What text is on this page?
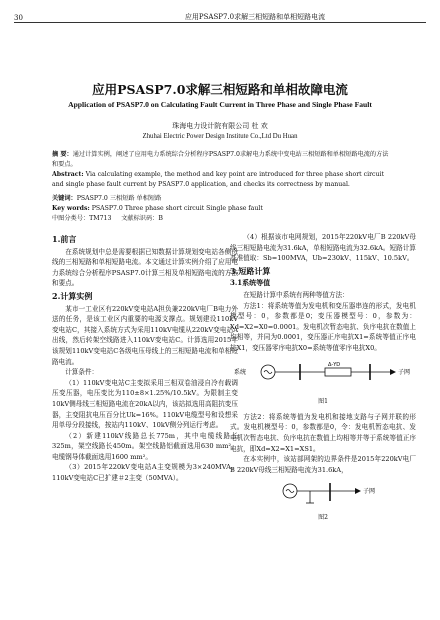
30	应用PSASP7.0求解三相短路和单相短路电流
应用PSASP7.0求解三相短路和单相故障电流
Application of PSASP7.0 on Calculating Fault Current in Three Phase and Single Phase Fault
珠海电力设计院有限公司 杜 欢
Zhuhai Electric Power Design Institute Co.,Ltd Du Huan
摘 要：通过计算实例，阐述了应用电力系统综合分析程序PSASP7.0求解电力系统中变电站三相短路和单相短路电流的方法和要点。
Abstract: Via calculating example, the method and key point are introduced for three phase short circuit and single phase fault current by PSASP7.0 application, and checks its correctness by manual.
关键词：PSASP7.0 三相短路 单相短路
Key words: PSASP7.0 Three phase short circuit Single phase fault
中图分类号：TM713 文献标识码：B
1.前言

在系统规划中总是需要根据已知数据计算规划变电站各侧母线的三相短路和单相短路电流。本文通过计算实例介绍了应用电力系统综合分析程序PSASP7.0计算三相及单相短路电流的方法和要点。

2.计算实例

某市一工业区有220kV变电站A担负兼220kV电厂B电力外送的任务，是该工业区内重要的电源支撑点。规划建设110kV变电站C，其接入系统方式为采用110kV电缆从220kV变电站A出线，然后转架空线路进入110kV变电站C。计算选用2015年该规划110kV变电站C各级电压母线上的三相短路电流和单相短路电流。

计算条件：

（1）110kV变电站C主变拟采用三相双卷油浸自冷有载调压变压器，电压变比为110±8×1.25%/10.5kV。为限制主变10kV侧母线三相短路电流在20kA以内，该站拟选用高阻抗变压器，主变阻抗电压百分比Uk=16%。110kV电缆型号和设想采用单母分段接线，按站内110kV、10kV侧分列运行考虑。

（2）新建110kV线路总长775m，其中电缆线路长325m，架空线路长450m。架空线路铝截面选用630 mm²，电缆钢导体截面选用1600 mm²。

（3）2015年220kV变电站A主变规模为3×240MVA，110kV变电站C已扩建＃2主变（50MVA）。

（4）根据该市电网规划，2015年220kV电厂B 220kV母线三相短路电流为31.6kA，单相短路电流为32.6kA。短路计算基准值取：Sb=100MVA，Ub=230kV、115kV、10.5kV。

3.短路计算
3.1系统等值

在短路计算中系统有两种等值方法：

方法1：将系统等值为发电机和变压器串连的形式，发电机模型号：0，参数都是0；变压器模型号：0，参数为：Xd=X2=X0=0.0001。发电机次暂态电抗、负序电抗在数值上均相等，并同为0.0001，变压器正序电抗X1=系统等值正序电抗X1，变压器零序电抗X0=系统等值零序电抗X0。

系统
Δ-YD
子网
图1

方法2：将系统等值为发电机和接地支路与子网并联的形式。发电机模型号：0，参数都是0，令：发电机暂态电抗、发电机次暂态电抗、负序电抗在数值上均相等并等于系统等值正序电抗，即Xd=X2=X1=XS1。

在本实例中，该站部网架的边界条件是2015年220kV电厂B 220kV母线三相短路电流为31.6kA，

子网
图2
